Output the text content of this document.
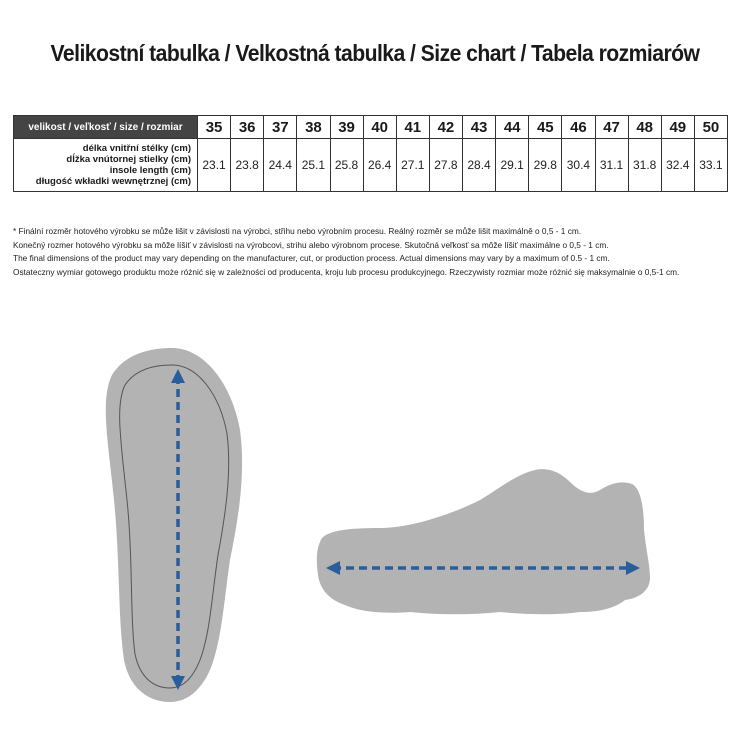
Velikostní tabulka / Velkostná tabulka / Size chart / Tabela rozmiarów
velikost / veľkosť / size / rozmiar	35	36	37	38	39	40	41	42	43	44	45	46	47	48	49	50

délka vnitřní stélky (cm)
dĺžka vnútornej stielky (cm)
insole length (cm)
długość wkładki wewnętrznej (cm)	23.1	23.8	24.4	25.1	25.8	26.4	27.1	27.8	28.4	29.1	29.8	30.4	31.1	31.8	32.4	33.1
* Finální rozměr hotového výrobku se může lišit v závislosti na výrobci, střihu nebo výrobním procesu. Reálný rozměr se může lišit maximálně o 0,5 - 1 cm.
Konečný rozmer hotového výrobku sa môže líšiť v závislosti na výrobcovi, strihu alebo výrobnom procese. Skutočná veľkosť sa môže líšiť maximálne o 0,5 - 1 cm.
The final dimensions of the product may vary depending on the manufacturer, cut, or production process. Actual dimensions may vary by a maximum of 0.5 - 1 cm.
Ostateczny wymiar gotowego produktu może różnić się w zależności od producenta, kroju lub procesu produkcyjnego. Rzeczywisty rozmiar może różnić się maksymalnie o 0,5-1 cm.
